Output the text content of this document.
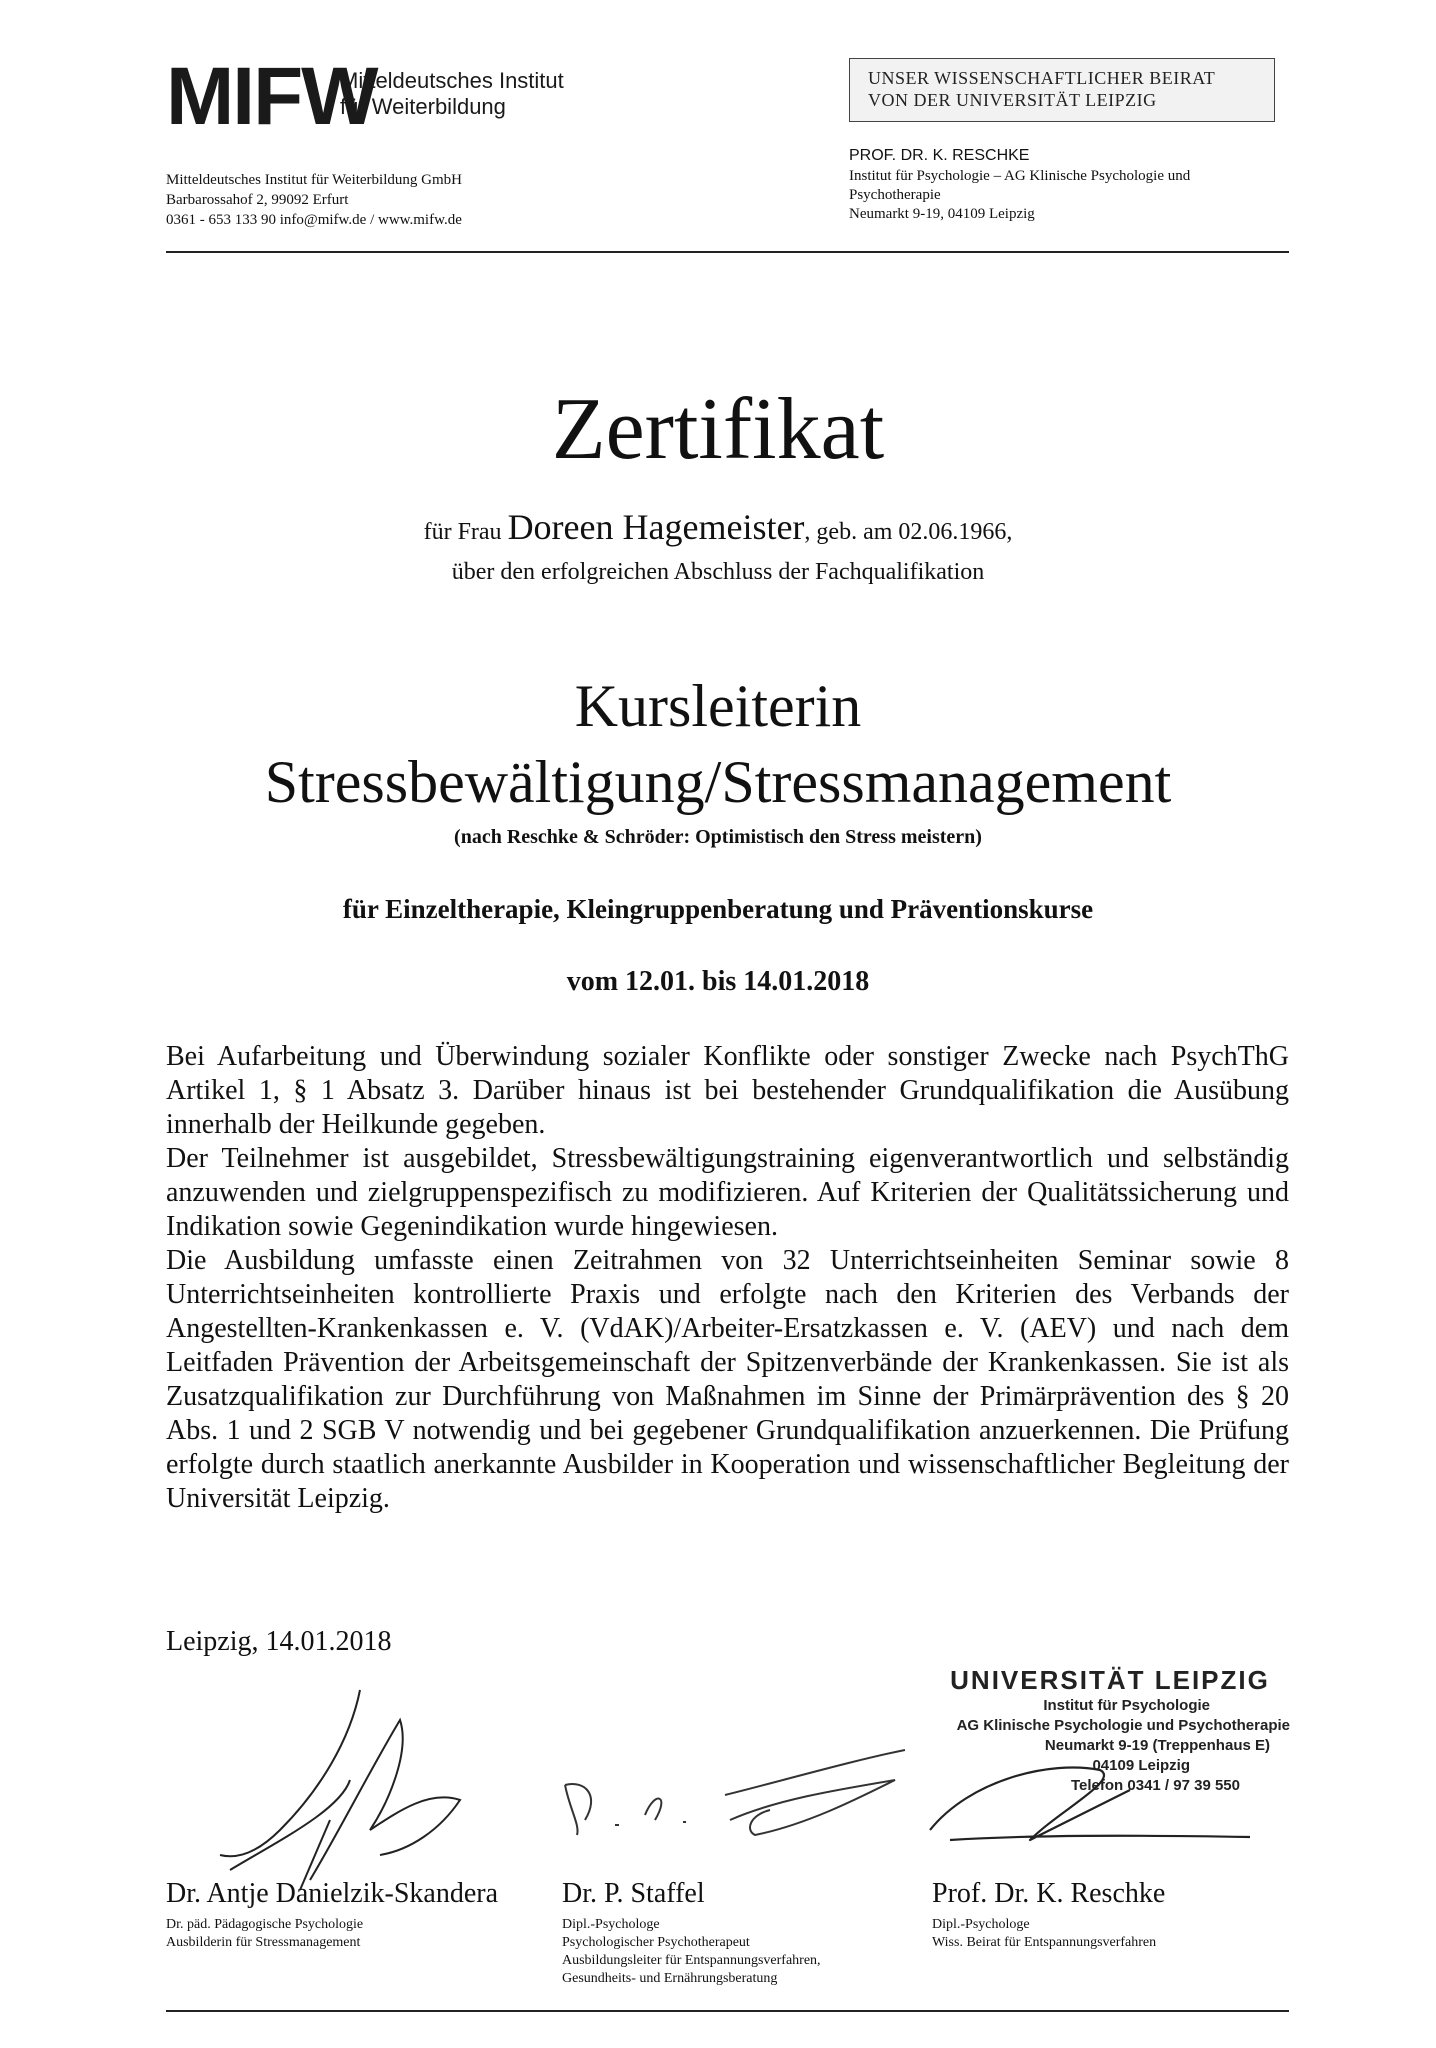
MIFW
Mitteldeutsches Institut
für Weiterbildung
Mitteldeutsches Institut für Weiterbildung GmbH
Barbarossahof 2, 99092 Erfurt
0361 - 653 133 90 info@mifw.de / www.mifw.de
UNSER WISSENSCHAFTLICHER BEIRAT
VON DER UNIVERSITÄT LEIPZIG
PROF. DR. K. RESCHKE
Institut für Psychologie – AG Klinische Psychologie und
Psychotherapie
Neumarkt 9-19, 04109 Leipzig
Zertifikat
für Frau Doreen Hagemeister, geb. am 02.06.1966,
über den erfolgreichen Abschluss der Fachqualifikation
Kursleiterin
Stressbewältigung/Stressmanagement
(nach Reschke & Schröder: Optimistisch den Stress meistern)
für Einzeltherapie, Kleingruppenberatung und Präventionskurse
vom 12.01. bis 14.01.2018

Bei Aufarbeitung und Überwindung sozialer Konflikte oder sonstiger Zwecke nach PsychThG Artikel 1, § 1 Absatz 3. Darüber hinaus ist bei bestehender Grundqualifikation die Ausübung innerhalb der Heilkunde gegeben.

Der Teilnehmer ist ausgebildet, Stressbewältigungstraining eigenverantwortlich und selbständig anzuwenden und zielgruppenspezifisch zu modifizieren. Auf Kriterien der Qualitätssicherung und Indikation sowie Gegenindikation wurde hingewiesen.

Die Ausbildung umfasste einen Zeitrahmen von 32 Unterrichtseinheiten Seminar sowie 8 Unterrichtseinheiten kontrollierte Praxis und erfolgte nach den Kriterien des Verbands der Angestellten-Krankenkassen e. V. (VdAK)/Arbeiter-Ersatzkassen e. V. (AEV) und nach dem Leitfaden Prävention der Arbeitsgemeinschaft der Spitzenverbände der Krankenkassen. Sie ist als Zusatzqualifikation zur Durchführung von Maßnahmen im Sinne der Primärprävention des § 20 Abs. 1 und 2 SGB V notwendig und bei gegebener Grundqualifikation anzuerkennen. Die Prüfung erfolgte durch staatlich anerkannte Ausbilder in Kooperation und wissenschaftlicher Begleitung der Universität Leipzig.

Leipzig, 14.01.2018
UNIVERSITÄT LEIPZIG
Institut für Psychologie
AG Klinische Psychologie und Psychotherapie
Neumarkt 9-19 (Treppenhaus E)
04109 Leipzig
Telefon 0341 / 97 39 550
Dr. Antje Danielzik-Skandera
Dr. päd. Pädagogische Psychologie
Ausbilderin für Stressmanagement
Dr. P. Staffel
Dipl.-Psychologe
Psychologischer Psychotherapeut
Ausbildungsleiter für Entspannungsverfahren,
Gesundheits- und Ernährungsberatung
Prof. Dr. K. Reschke
Dipl.-Psychologe
Wiss. Beirat für Entspannungsverfahren
